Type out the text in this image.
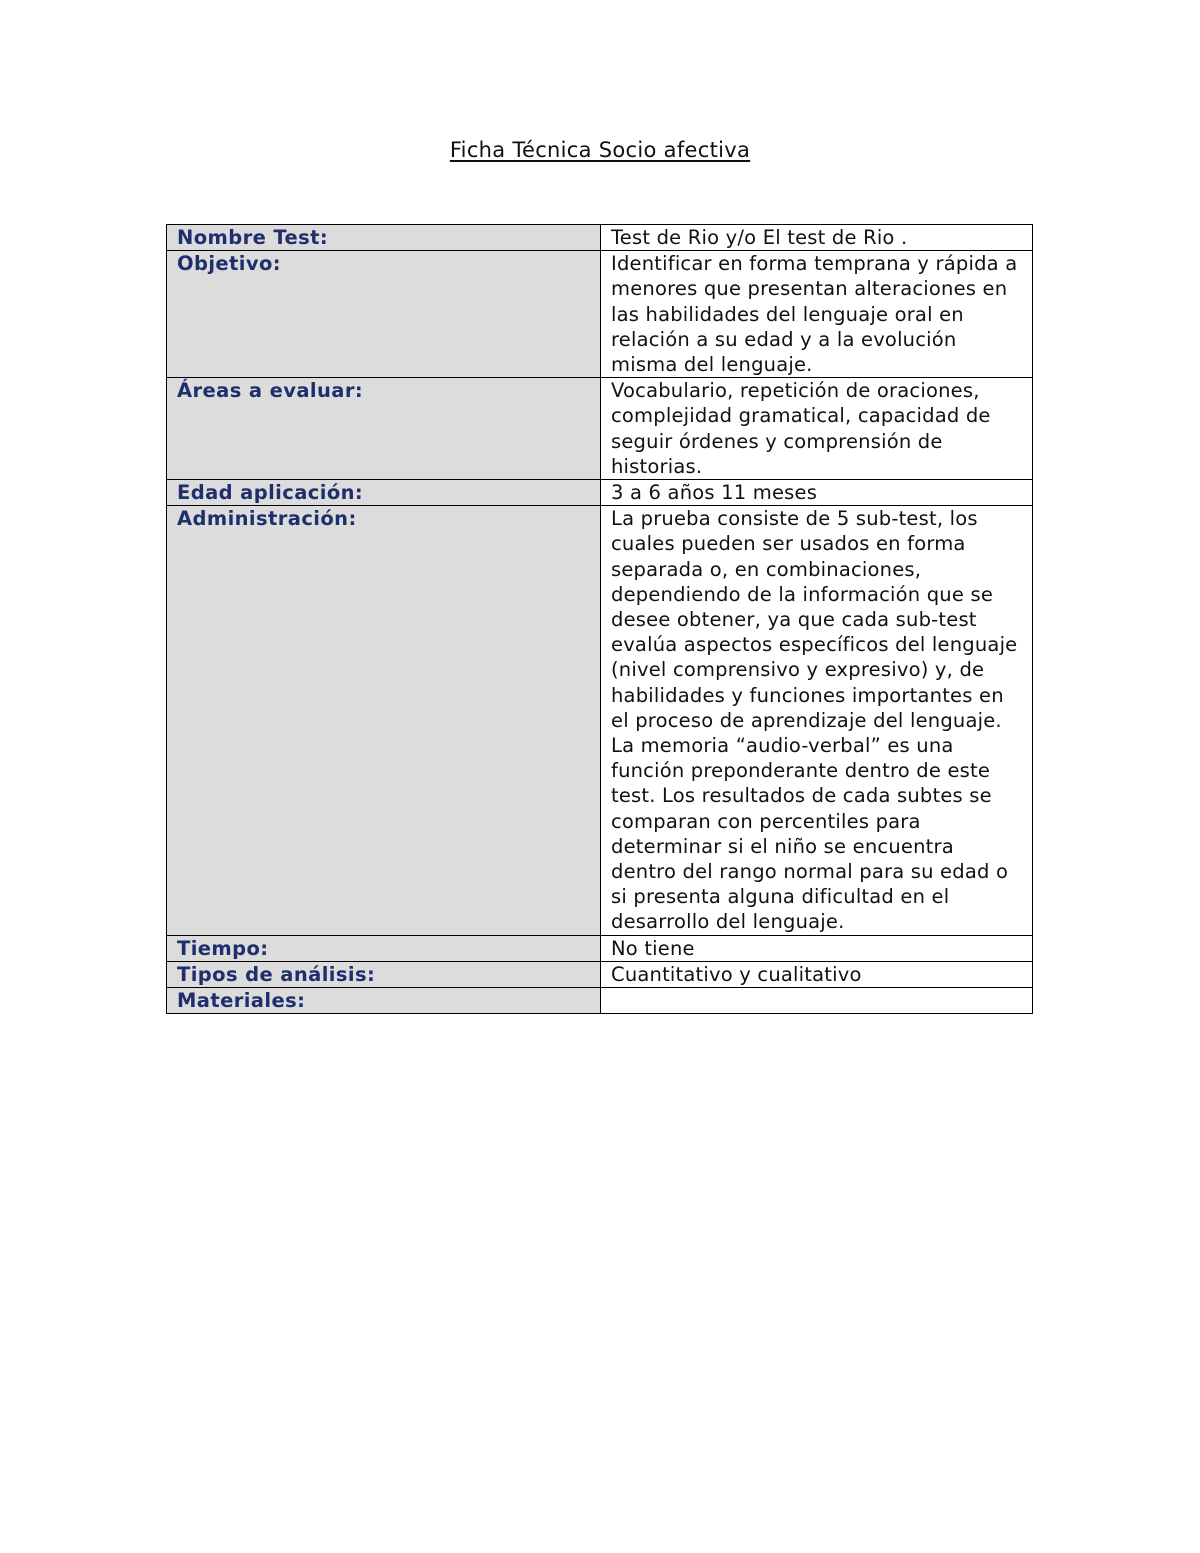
Ficha Técnica Socio afectiva
Nombre Test:	Test de Rio y/o El test de Rio .
Objetivo:	Identificar en forma temprana y rápida a menores que presentan alteraciones en las habilidades del lenguaje oral en relación a su edad y a la evolución misma del lenguaje.
Áreas a evaluar:	Vocabulario, repetición de oraciones, complejidad gramatical, capacidad de seguir órdenes y comprensión de historias.
Edad aplicación:	3 a 6 años 11 meses
Administración:	La prueba consiste de 5 sub-test, los cuales pueden ser usados en forma separada o, en combinaciones, dependiendo de la información que se desee obtener, ya que cada sub-test evalúa aspectos específicos del lenguaje (nivel comprensivo y expresivo) y, de habilidades y funciones importantes en el proceso de aprendizaje del lenguaje. La memoria “audio-verbal” es una función preponderante dentro de este test. Los resultados de cada subtes se comparan con percentiles para determinar si el niño se encuentra dentro del rango normal para su edad o si presenta alguna dificultad en el desarrollo del lenguaje.
Tiempo:	No tiene
Tipos de análisis:	Cuantitativo y cualitativo
Materiales:	
